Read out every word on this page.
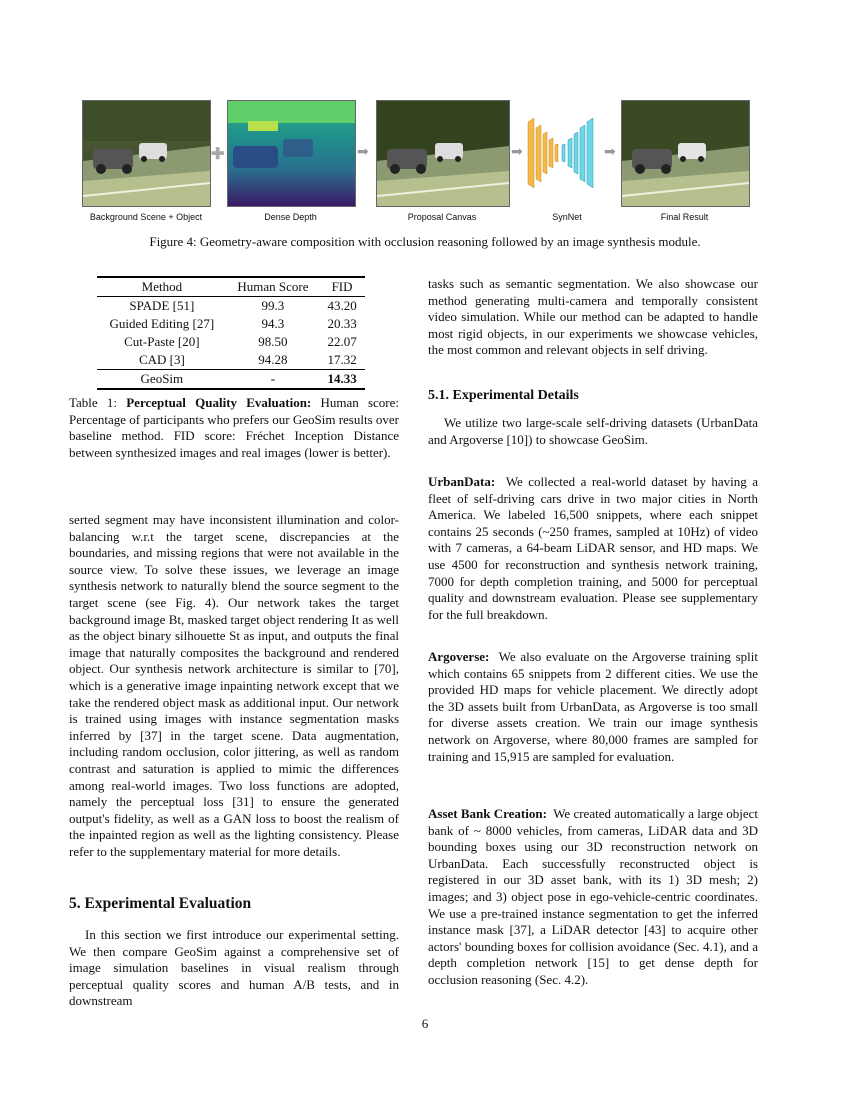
✚	➡	➡	➡
Background Scene + Object	Dense Depth	Proposal Canvas	SynNet	Final Result
Figure 4: Geometry-aware composition with occlusion reasoning followed by an image synthesis module.
Method	Human Score	FID
SPADE [51]	99.3	43.20
Guided Editing [27]	94.3	20.33
Cut-Paste [20]	98.50	22.07
CAD [3]	94.28	17.32
GeoSim	-	14.33
Table 1: Perceptual Quality Evaluation: Human score: Percentage of participants who prefers our GeoSim results over baseline method. FID score: Fréchet Inception Distance between synthesized images and real images (lower is better).
serted segment may have inconsistent illumination and color-balancing w.r.t the target scene, discrepancies at the boundaries, and missing regions that were not available in the source view. To solve these issues, we leverage an image synthesis network to naturally blend the source segment to the target scene (see Fig. 4). Our network takes the target background image Bt, masked target object rendering It as well as the object binary silhouette St as input, and outputs the final image that naturally composites the background and rendered object. Our synthesis network architecture is similar to [70], which is a generative image inpainting network except that we take the rendered object mask as additional input. Our network is trained using images with instance segmentation masks inferred by [37] in the target scene. Data augmentation, including random occlusion, color jittering, as well as random contrast and saturation is applied to mimic the differences among real-world images. Two loss functions are adopted, namely the perceptual loss [31] to ensure the generated output's fidelity, as well as a GAN loss to boost the realism of the inpainted region as well as the lighting consistency. Please refer to the supplementary material for more details.
5. Experimental Evaluation
In this section we first introduce our experimental setting. We then compare GeoSim against a comprehensive set of image simulation baselines in visual realism through perceptual quality scores and human A/B tests, and in downstream
tasks such as semantic segmentation. We also showcase our method generating multi-camera and temporally consistent video simulation. While our method can be adapted to handle most rigid objects, in our experiments we showcase vehicles, the most common and relevant objects in self driving.
5.1. Experimental Details
We utilize two large-scale self-driving datasets (UrbanData and Argoverse [10]) to showcase GeoSim.
UrbanData: We collected a real-world dataset by having a fleet of self-driving cars drive in two major cities in North America. We labeled 16,500 snippets, where each snippet contains 25 seconds (~250 frames, sampled at 10Hz) of video with 7 cameras, a 64-beam LiDAR sensor, and HD maps. We use 4500 for reconstruction and synthesis network training, 7000 for depth completion training, and 5000 for perceptual quality and downstream evaluation. Please see supplementary for the full breakdown.
Argoverse: We also evaluate on the Argoverse training split which contains 65 snippets from 2 different cities. We use the provided HD maps for vehicle placement. We directly adopt the 3D assets built from UrbanData, as Argoverse is too small for diverse assets creation. We train our image synthesis network on Argoverse, where 80,000 frames are sampled for training and 15,915 are sampled for evaluation.
Asset Bank Creation: We created automatically a large object bank of ~ 8000 vehicles, from cameras, LiDAR data and 3D bounding boxes using our 3D reconstruction network on UrbanData. Each successfully reconstructed object is registered in our 3D asset bank, with its 1) 3D mesh; 2) images; and 3) object pose in ego-vehicle-centric coordinates. We use a pre-trained instance segmentation to get the inferred instance mask [37], a LiDAR detector [43] to acquire other actors' bounding boxes for collision avoidance (Sec. 4.1), and a depth completion network [15] to get dense depth for occlusion reasoning (Sec. 4.2).
6
